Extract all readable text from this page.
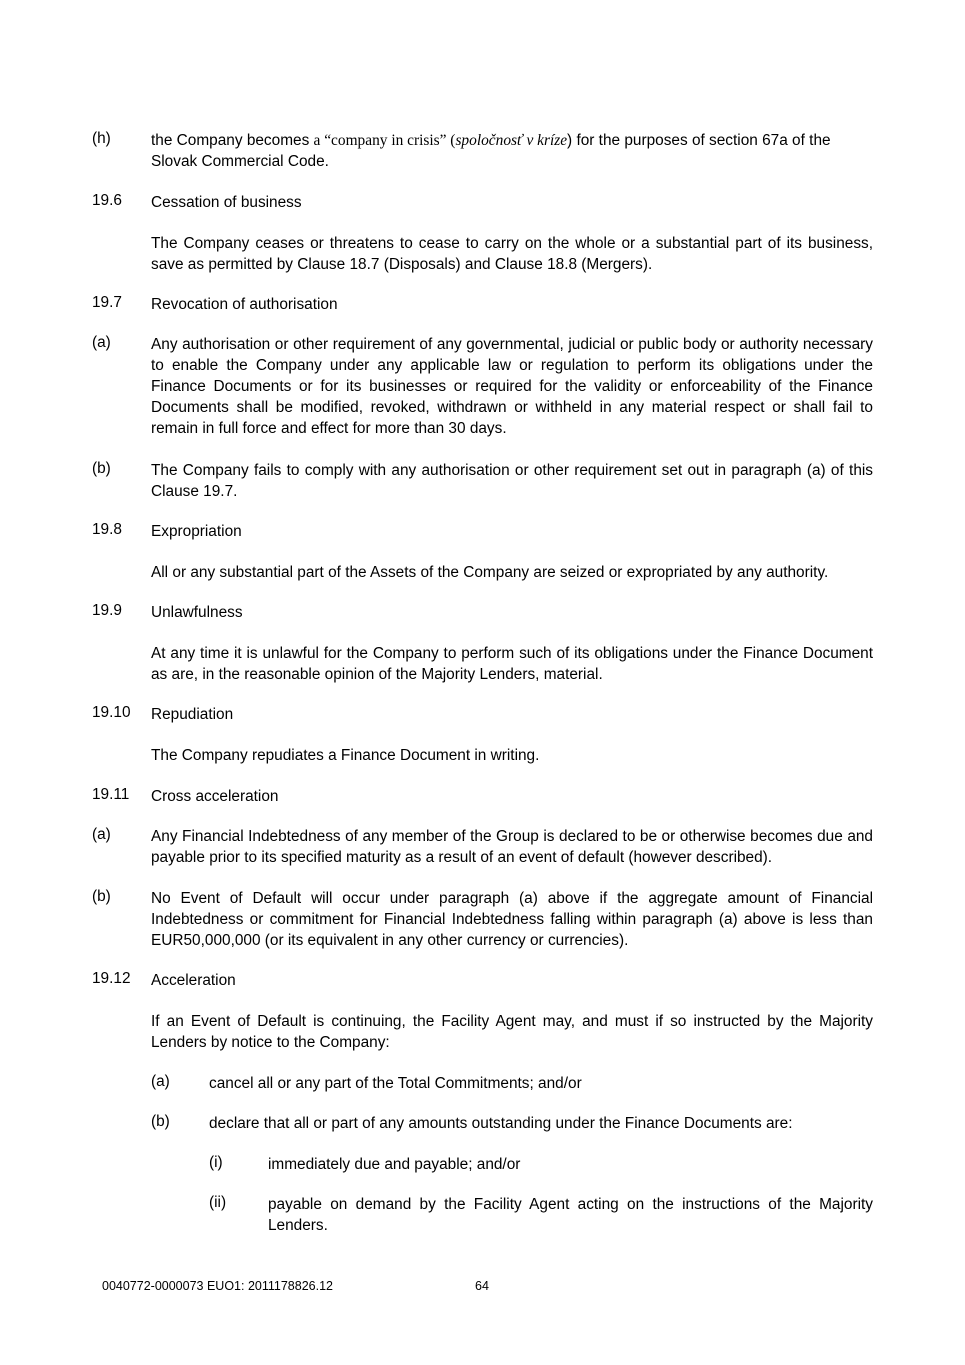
(h)	the Company becomes a “company in crisis” (spoločnosť v kríze) for the purposes of section 67a of the Slovak Commercial Code.
19.6 Cessation of business
The Company ceases or threatens to cease to carry on the whole or a substantial part of its business, save as permitted by Clause 18.7 (Disposals) and Clause 18.8 (Mergers).
19.7 Revocation of authorisation
(a)	Any authorisation or other requirement of any governmental, judicial or public body or authority necessary to enable the Company under any applicable law or regulation to perform its obligations under the Finance Documents or for its businesses or required for the validity or enforceability of the Finance Documents shall be modified, revoked, withdrawn or withheld in any material respect or shall fail to remain in full force and effect for more than 30 days.
(b)	The Company fails to comply with any authorisation or other requirement set out in paragraph (a) of this Clause 19.7.
19.8 Expropriation
All or any substantial part of the Assets of the Company are seized or expropriated by any authority.
19.9 Unlawfulness
At any time it is unlawful for the Company to perform such of its obligations under the Finance Document as are, in the reasonable opinion of the Majority Lenders, material.
19.10 Repudiation
The Company repudiates a Finance Document in writing.
19.11 Cross acceleration
(a)	Any Financial Indebtedness of any member of the Group is declared to be or otherwise becomes due and payable prior to its specified maturity as a result of an event of default (however described).
(b)	No Event of Default will occur under paragraph (a) above if the aggregate amount of Financial Indebtedness or commitment for Financial Indebtedness falling within paragraph (a) above is less than EUR50,000,000 (or its equivalent in any other currency or currencies).
19.12 Acceleration
If an Event of Default is continuing, the Facility Agent may, and must if so instructed by the Majority Lenders by notice to the Company:
(a)	cancel all or any part of the Total Commitments; and/or
(b)	declare that all or part of any amounts outstanding under the Finance Documents are:
(i)	immediately due and payable; and/or
(ii)	payable on demand by the Facility Agent acting on the instructions of the Majority Lenders.
0040772-0000073 EUO1: 2011178826.12	64
